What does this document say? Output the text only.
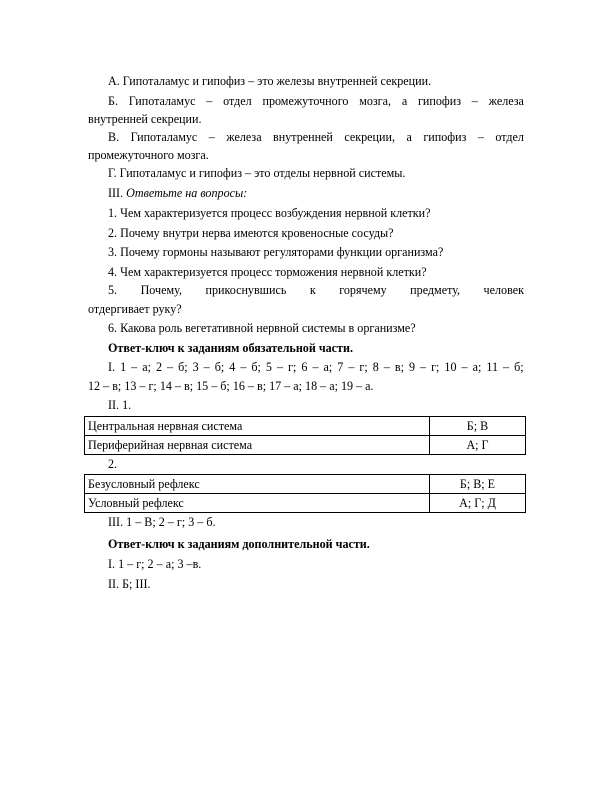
А. Гипоталамус и гипофиз – это железы внутренней секреции.
Б. Гипоталамус – отдел промежуточного мозга, а гипофиз – железа
внутренней секреции.
В. Гипоталамус – железа внутренней секреции, а гипофиз – отдел
промежуточного мозга.
Г. Гипоталамус и гипофиз – это отделы нервной системы.
III. Ответьте на вопросы:
1. Чем характеризуется процесс возбуждения нервной клетки?
2. Почему внутри нерва имеются кровеносные сосуды?
3. Почему гормоны называют регуляторами функции организма?
4. Чем характеризуется процесс торможения нервной клетки?
5. Почему, прикоснувшись к горячему предмету, человек
отдергивает руку?
6. Какова роль вегетативной нервной системы в организме?
Ответ-ключ к заданиям обязательной части.
I. 1 – а; 2 – б; 3 – б; 4 – б; 5 – г; 6 – а; 7 – г; 8 – в; 9 – г; 10 – а; 11 – б;
12 – в; 13 – г; 14 – в; 15 – б; 16 – в; 17 – а; 18 – а; 19 – а.
II. 1.
Центральная нервная система	Б; В
Периферийная нервная система	А; Г
2.
Безусловный рефлекс	Б; В; Е
Условный рефлекс	А; Г; Д
III. 1 – В; 2 – г; 3 – б.
Ответ-ключ к заданиям дополнительной части.
I. 1 – г; 2 – а; 3 –в.
II. Б; III.
